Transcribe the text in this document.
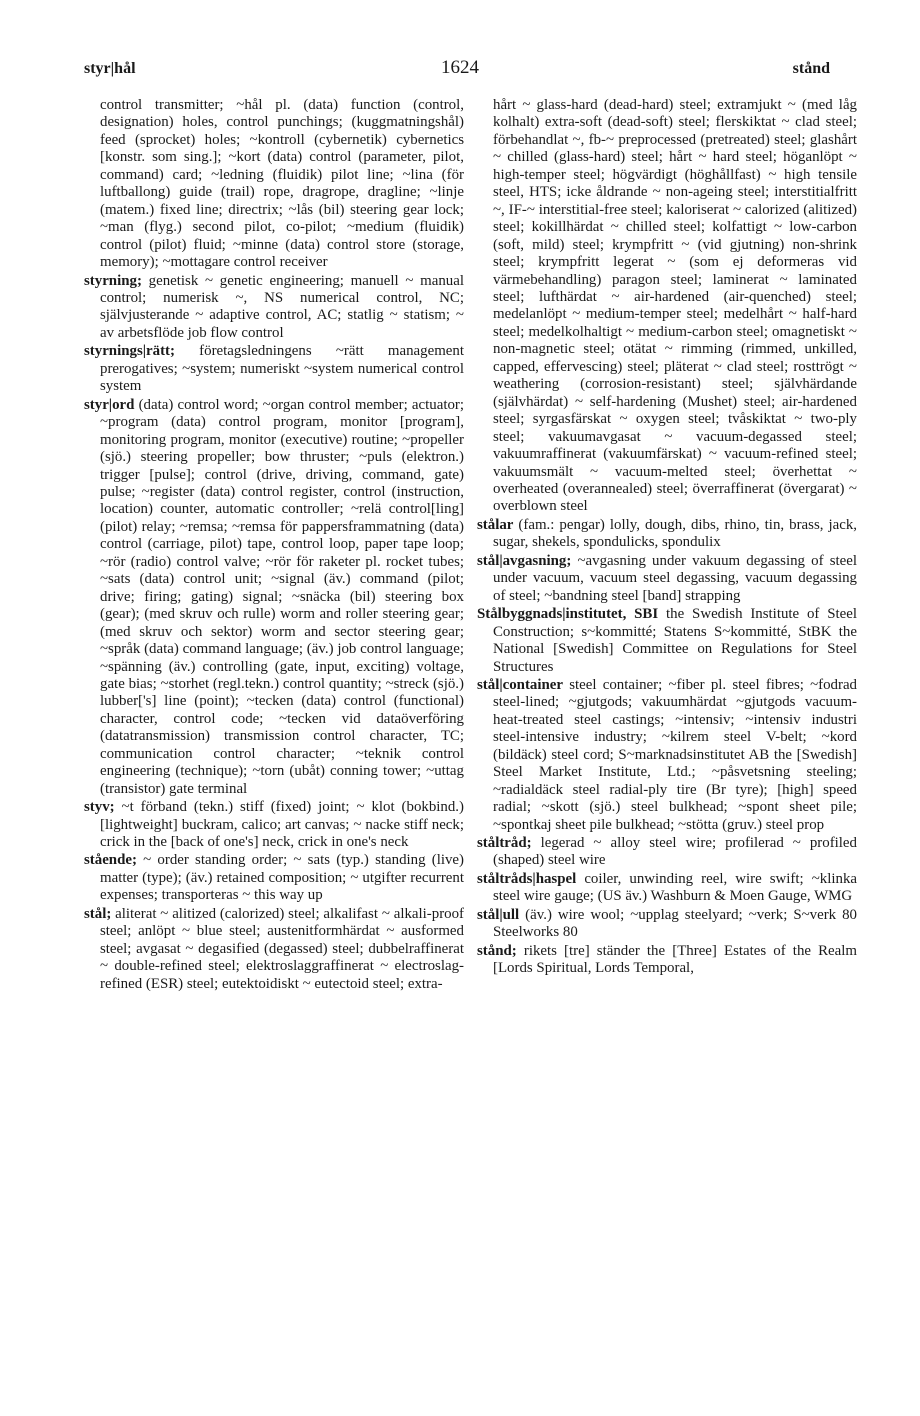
styr|hål	1624	stånd

control transmitter; ~hål pl. (data) function (control, designation) holes, control punchings; (kuggmatningshål) feed (sprocket) holes; ~kontroll (cybernetik) cybernetics [konstr. som sing.]; ~kort (data) control (parameter, pilot, command) card; ~ledning (fluidik) pilot line; ~lina (för luftballong) guide (trail) rope, dragrope, dragline; ~linje (matem.) fixed line; directrix; ~lås (bil) steering gear lock; ~man (flyg.) second pilot, co-pilot; ~medium (fluidik) control (pilot) fluid; ~minne (data) control store (storage, memory); ~mottagare control receiver

styrning; genetisk ~ genetic engineering; manuell ~ manual control; numerisk ~, NS numerical control, NC; självjusterande ~ adaptive control, AC; statlig ~ statism; ~ av arbetsflöde job flow control

styrnings|rätt; företagsledningens ~rätt management prerogatives; ~system; numeriskt ~system numerical control system

styr|ord (data) control word; ~organ control member; actuator; ~program (data) control program, monitor [program], monitoring program, monitor (executive) routine; ~propeller (sjö.) steering propeller; bow thruster; ~puls (elektron.) trigger [pulse]; control (drive, driving, command, gate) pulse; ~register (data) control register, control (instruction, location) counter, automatic controller; ~relä control[ling] (pilot) relay; ~remsa; ~remsa för pappersframmatning (data) control (carriage, pilot) tape, control loop, paper tape loop; ~rör (radio) control valve; ~rör för raketer pl. rocket tubes; ~sats (data) control unit; ~signal (äv.) command (pilot; drive; firing; gating) signal; ~snäcka (bil) steering box (gear); (med skruv och rulle) worm and roller steering gear; (med skruv och sektor) worm and sector steering gear; ~språk (data) command language; (äv.) job control language; ~spänning (äv.) controlling (gate, input, exciting) voltage, gate bias; ~storhet (regl.tekn.) control quantity; ~streck (sjö.) lubber['s] line (point); ~tecken (data) control (functional) character, control code; ~tecken vid dataöverföring (datatransmission) transmission control character, TC; communication control character; ~teknik control engineering (technique); ~torn (ubåt) conning tower; ~uttag (transistor) gate terminal

styv; ~t förband (tekn.) stiff (fixed) joint; ~ klot (bokbind.) [lightweight] buckram, calico; art canvas; ~ nacke stiff neck; crick in the [back of one's] neck, crick in one's neck

stående; ~ order standing order; ~ sats (typ.) standing (live) matter (type); (äv.) retained composition; ~ utgifter recurrent expenses; transporteras ~ this way up

stål; aliterat ~ alitized (calorized) steel; alkalifast ~ alkali-proof steel; anlöpt ~ blue steel; austenitformhärdat ~ ausformed steel; avgasat ~ degasified (degassed) steel; dubbelraffinerat ~ double-refined steel; elektroslaggraffinerat ~ electroslag-refined (ESR) steel; eutektoidiskt ~ eutectoid steel; extra-

hårt ~ glass-hard (dead-hard) steel; extramjukt ~ (med låg kolhalt) extra-soft (dead-soft) steel; flerskiktat ~ clad steel; förbehandlat ~, fb-~ preprocessed (pretreated) steel; glashårt ~ chilled (glass-hard) steel; hårt ~ hard steel; höganlöpt ~ high-temper steel; högvärdigt (höghållfast) ~ high tensile steel, HTS; icke åldrande ~ non-ageing steel; interstitialfritt ~, IF-~ interstitial-free steel; kaloriserat ~ calorized (alitized) steel; kokillhärdat ~ chilled steel; kolfattigt ~ low-carbon (soft, mild) steel; krympfritt ~ (vid gjutning) non-shrink steel; krympfritt legerat ~ (som ej deformeras vid värmebehandling) paragon steel; laminerat ~ laminated steel; lufthärdat ~ air-hardened (air-quenched) steel; medelanlöpt ~ medium-temper steel; medelhårt ~ half-hard steel; medelkolhaltigt ~ medium-carbon steel; omagnetiskt ~ non-magnetic steel; otätat ~ rimming (rimmed, unkilled, capped, effervescing) steel; pläterat ~ clad steel; rosttrögt ~ weathering (corrosion-resistant) steel; självhärdande (självhärdat) ~ self-hardening (Mushet) steel; air-hardened steel; syrgasfärskat ~ oxygen steel; tvåskiktat ~ two-ply steel; vakuumavgasat ~ vacuum-degassed steel; vakuumraffinerat (vakuumfärskat) ~ vacuum-refined steel; vakuumsmält ~ vacuum-melted steel; överhettat ~ overheated (overannealed) steel; överraffinerat (övergarat) ~ overblown steel

stålar (fam.: pengar) lolly, dough, dibs, rhino, tin, brass, jack, sugar, shekels, spondulicks, spondulix

stål|avgasning; ~avgasning under vakuum degassing of steel under vacuum, vacuum steel degassing, vacuum degassing of steel; ~bandning steel [band] strapping

Stålbyggnads|institutet, SBI the Swedish Institute of Steel Construction; s~kommitté; Statens S~kommitté, StBK the National [Swedish] Committee on Regulations for Steel Structures

stål|container steel container; ~fiber pl. steel fibres; ~fodrad steel-lined; ~gjutgods; vakuumhärdat ~gjutgods vacuum-heat-treated steel castings; ~intensiv; ~intensiv industri steel-intensive industry; ~kilrem steel V-belt; ~kord (bildäck) steel cord; S~marknadsinstitutet AB the [Swedish] Steel Market Institute, Ltd.; ~påsvetsning steeling; ~radialdäck steel radial-ply tire (Br tyre); [high] speed radial; ~skott (sjö.) steel bulkhead; ~spont sheet pile; ~spontkaj sheet pile bulkhead; ~stötta (gruv.) steel prop

ståltråd; legerad ~ alloy steel wire; profilerad ~ profiled (shaped) steel wire

ståltråds|haspel coiler, unwinding reel, wire swift; ~klinka steel wire gauge; (US äv.) Washburn & Moen Gauge, WMG

stål|ull (äv.) wire wool; ~upplag steelyard; ~verk; S~verk 80 Steelworks 80

stånd; rikets [tre] ständer the [Three] Estates of the Realm [Lords Spiritual, Lords Temporal,
